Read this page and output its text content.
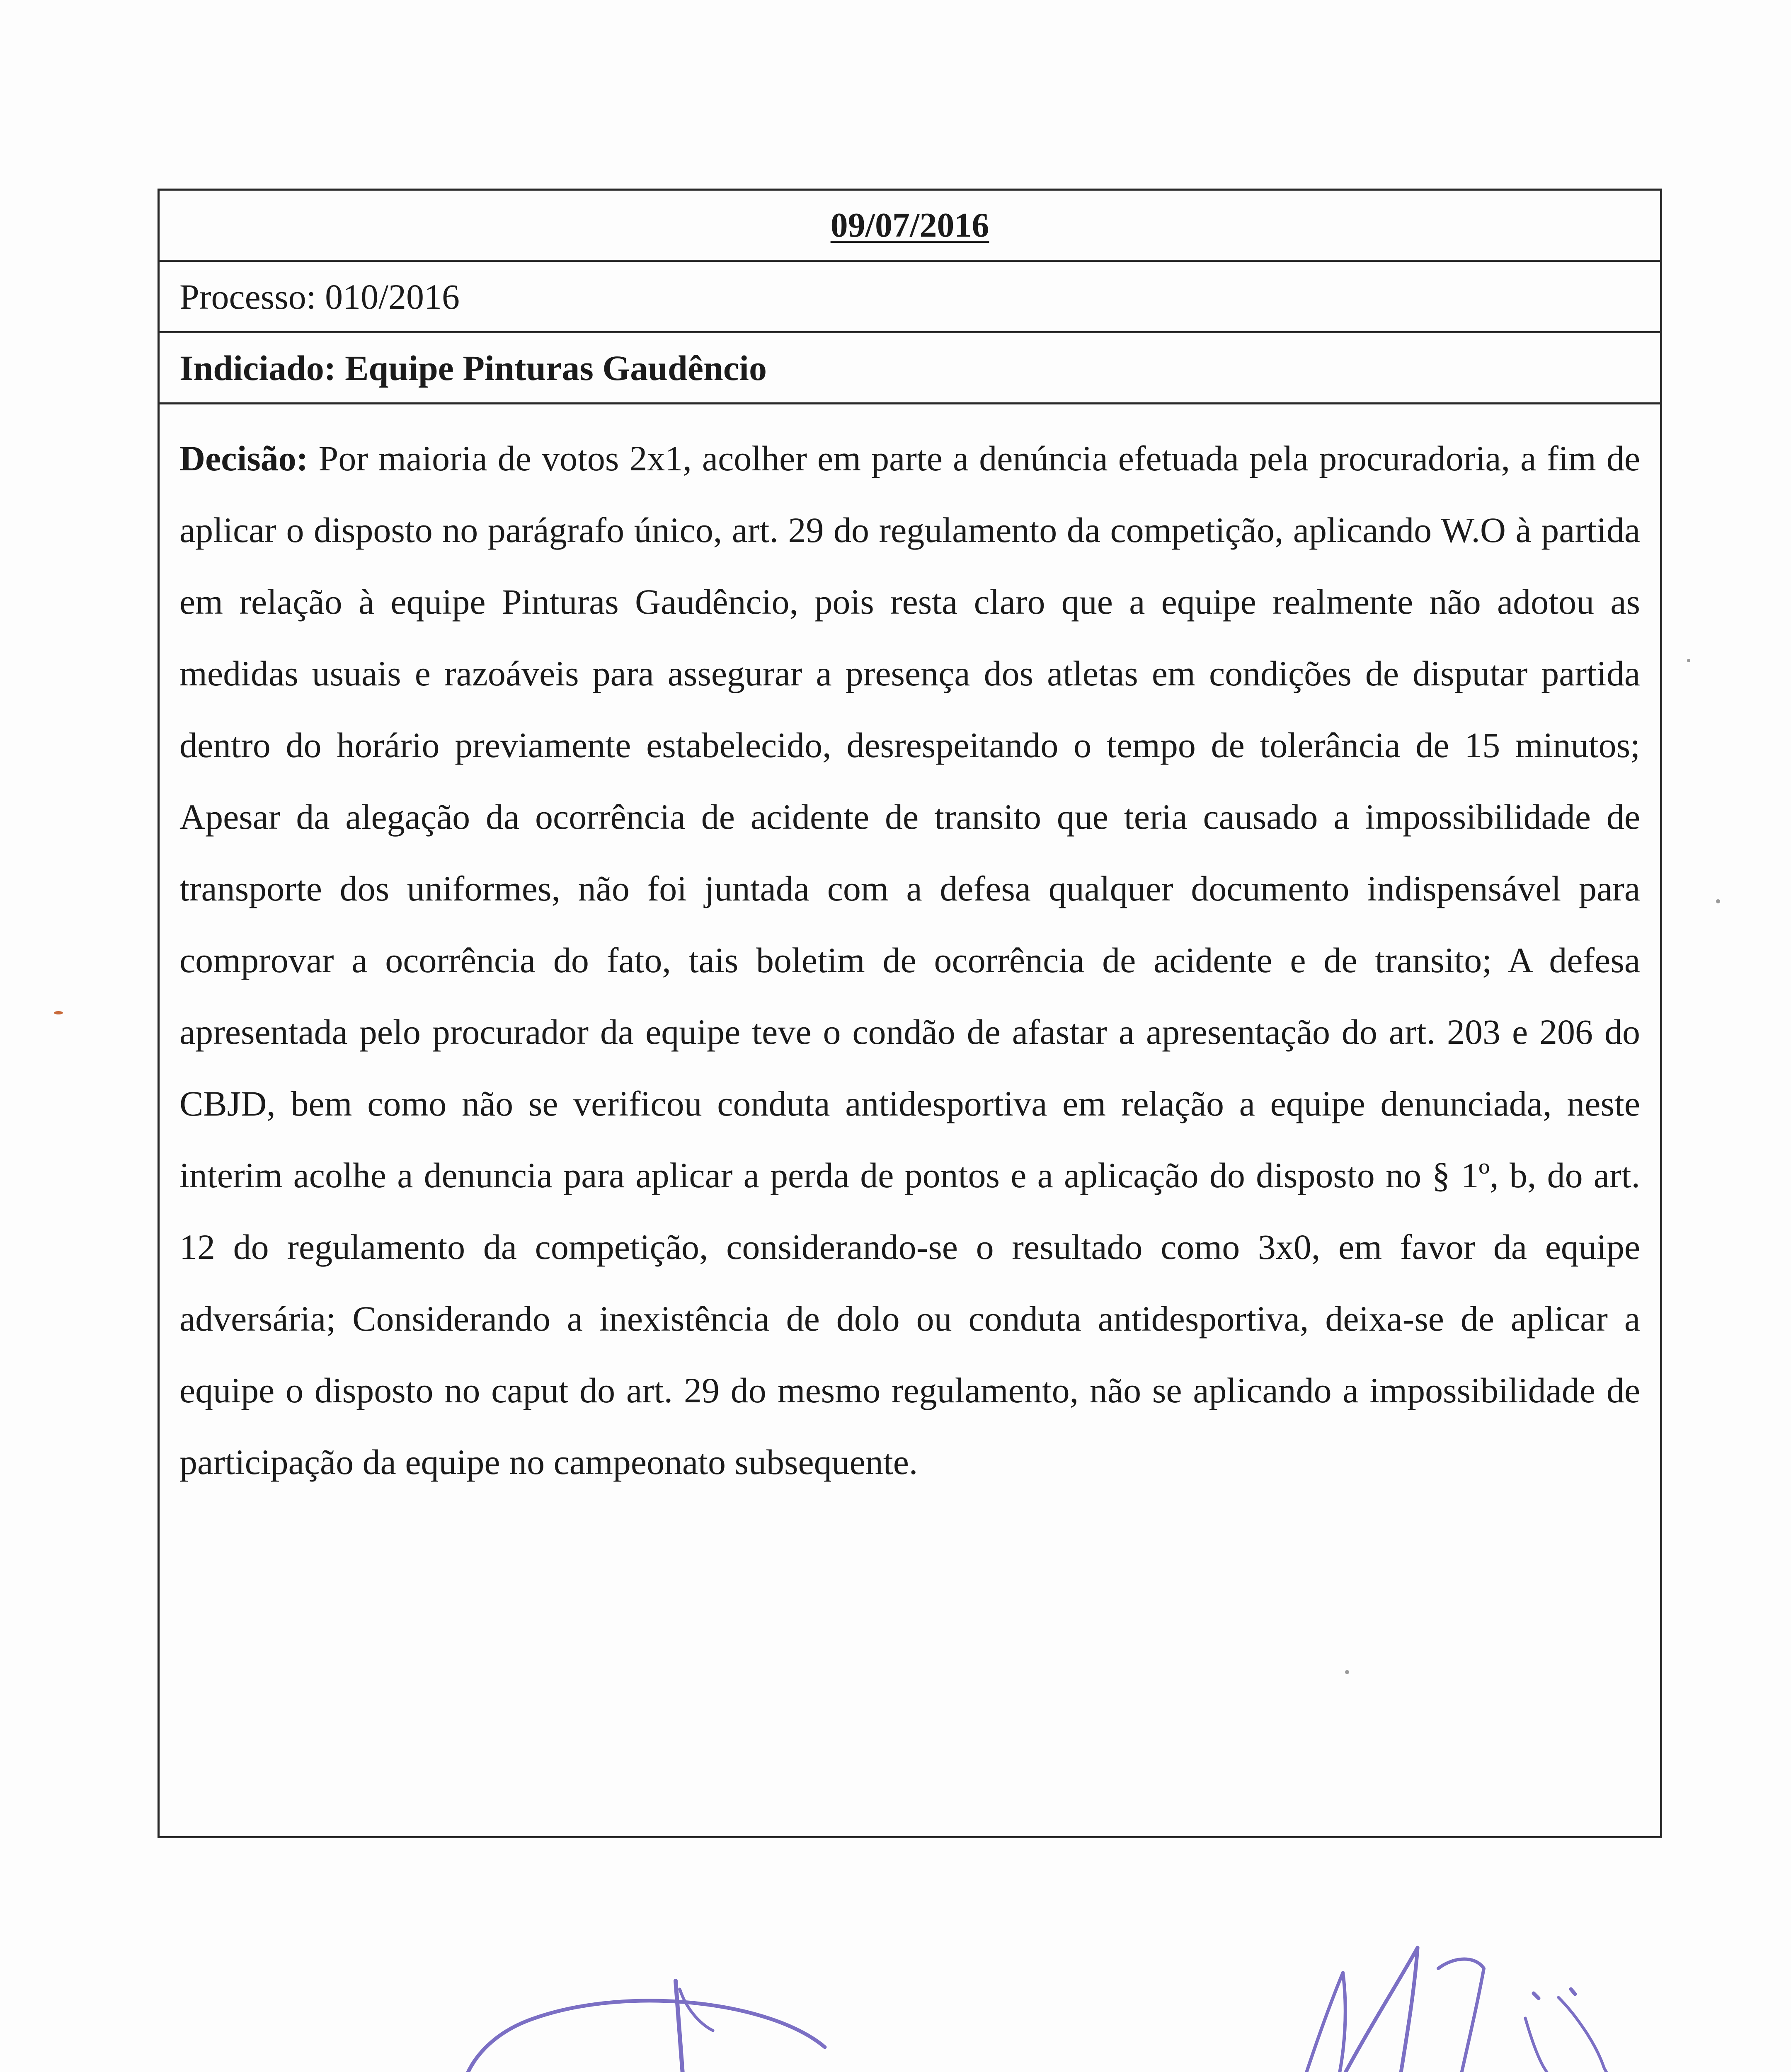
09/07/2016
Processo: 010/2016
Indiciado: Equipe Pinturas Gaudêncio

Decisão: Por maioria de votos 2x1, acolher em parte a denúncia efetuada pela procuradoria, a fim de aplicar o disposto no parágrafo único, art. 29 do regulamento da competição, aplicando W.O à partida em relação à equipe Pinturas Gaudêncio, pois resta claro que a equipe realmente não adotou as medidas usuais e razoáveis para assegurar a presença dos atletas em condições de disputar partida dentro do horário previamente estabelecido, desrespeitando o tempo de tolerância de 15 minutos; Apesar da alegação da ocorrência de acidente de transito que teria causado a impossibilidade de transporte dos uniformes, não foi juntada com a defesa qualquer documento indispensável para comprovar a ocorrência do fato, tais boletim de ocorrência de acidente e de transito; A defesa apresentada pelo procurador da equipe teve o condão de afastar a apresentação do art. 203 e 206 do CBJD, bem como não se verificou conduta antidesportiva em relação a equipe denunciada, neste interim acolhe a denuncia para aplicar a perda de pontos e a aplicação do disposto no § 1º, b, do art. 12 do regulamento da competição, considerando-se o resultado como 3x0, em favor da equipe adversária; Considerando a inexistência de dolo ou conduta antidesportiva, deixa-se de aplicar a equipe o disposto no caput do art. 29 do mesmo regulamento, não se aplicando a impossibilidade de participação da equipe no campeonato subsequente.
